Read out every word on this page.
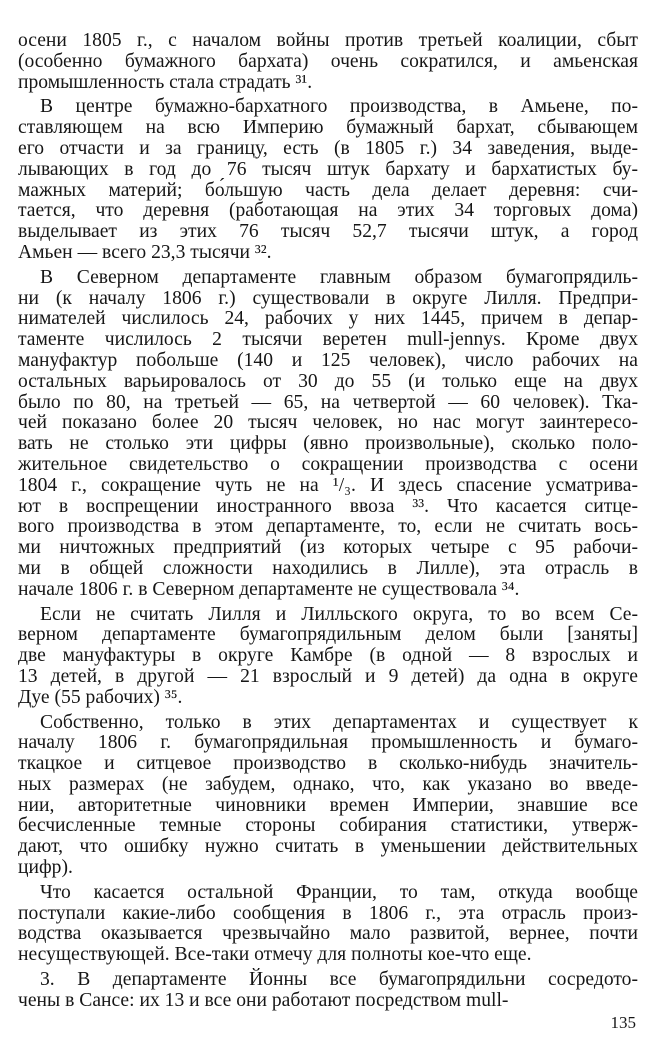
осени 1805 г., с началом войны против третьей коалиции, сбыт
(особенно бумажного бархата) очень сократился, и амьенская
промышленность стала страдать ³¹.
В центре бумажно-бархатного производства, в Амьене, по-
ставляющем на всю Империю бумажный бархат, сбывающем
его отчасти и за границу, есть (в 1805 г.) 34 заведения, выде-
лывающих в год до 76 тысяч штук бархату и бархатистых бу-
мажных материй; бо́льшую часть дела делает деревня: счи-
тается, что деревня (работающая на этих 34 торговых дома)
выделывает из этих 76 тысяч 52,7 тысячи штук, а город
Амьен — всего 23,3 тысячи ³².
В Северном департаменте главным образом бумагопрядиль-
ни (к началу 1806 г.) существовали в округе Лилля. Предпри-
нимателей числилось 24, рабочих у них 1445, причем в депар-
таменте числилось 2 тысячи веретен mull-jennys. Кроме двух
мануфактур побольше (140 и 125 человек), число рабочих на
остальных варьировалось от 30 до 55 (и только еще на двух
было по 80, на третьей — 65, на четвертой — 60 человек). Тка-
чей показано более 20 тысяч человек, но нас могут заинтересо-
вать не столько эти цифры (явно произвольные), сколько поло-
жительное свидетельство о сокращении производства с осени
1804 г., сокращение чуть не на ¹/₃. И здесь спасение усматрива-
ют в воспрещении иностранного ввоза ³³. Что касается ситце-
вого производства в этом департаменте, то, если не считать вось-
ми ничтожных предприятий (из которых четыре с 95 рабочи-
ми в общей сложности находились в Лилле), эта отрасль в
начале 1806 г. в Северном департаменте не существовала ³⁴.
Если не считать Лилля и Лилльского округа, то во всем Се-
верном департаменте бумагопрядильным делом были [заняты]
две мануфактуры в округе Камбре (в одной — 8 взрослых и
13 детей, в другой — 21 взрослый и 9 детей) да одна в округе
Дуе (55 рабочих) ³⁵.
Собственно, только в этих департаментах и существует к
началу 1806 г. бумагопрядильная промышленность и бумаго-
ткацкое и ситцевое производство в сколько-нибудь значитель-
ных размерах (не забудем, однако, что, как указано во введе-
нии, авторитетные чиновники времен Империи, знавшие все
бесчисленные темные стороны собирания статистики, утверж-
дают, что ошибку нужно считать в уменьшении действительных
цифр).
Что касается остальной Франции, то там, откуда вообще
поступали какие-либо сообщения в 1806 г., эта отрасль произ-
водства оказывается чрезвычайно мало развитой, вернее, почти
несуществующей. Все-таки отмечу для полноты кое-что еще.
3. В департаменте Йонны все бумагопрядильни сосредото-
чены в Сансе: их 13 и все они работают посредством mull-
135
